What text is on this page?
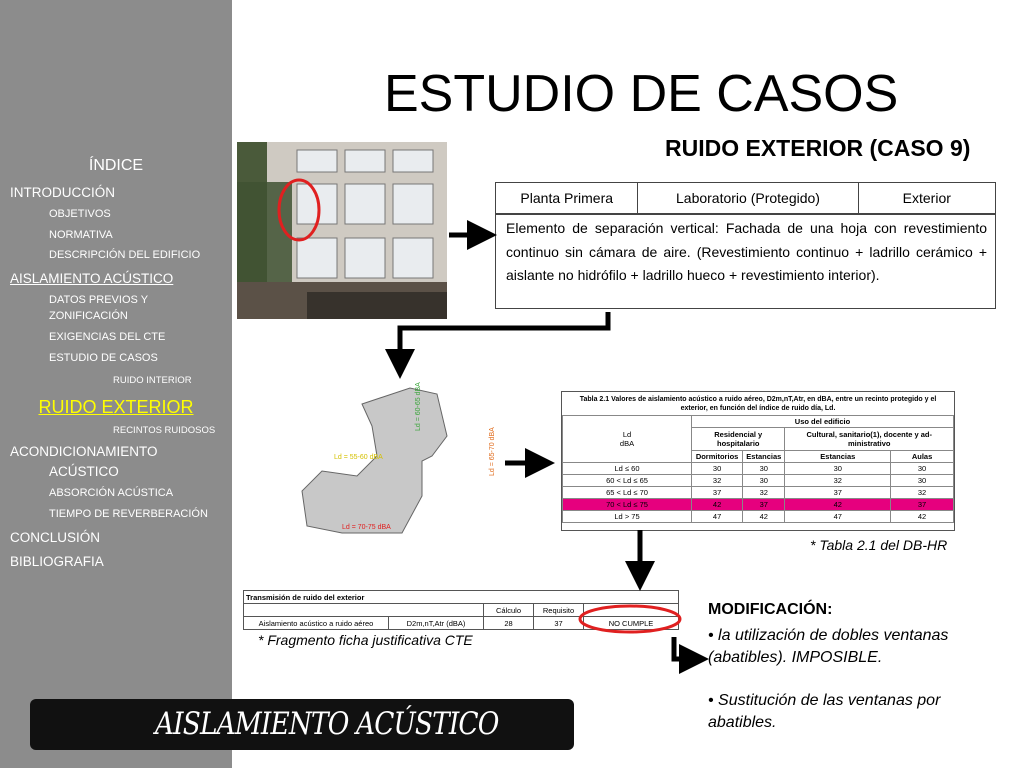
ÍNDICE
INTRODUCCIÓN
OBJETIVOS
NORMATIVA
DESCRIPCIÓN DEL EDIFICIO
AISLAMIENTO ACÚSTICO
DATOS PREVIOS Y
ZONIFICACIÓN
EXIGENCIAS DEL CTE
ESTUDIO DE CASOS
RUIDO INTERIOR
RUIDO EXTERIOR
RECINTOS RUIDOSOS
ACONDICIONAMIENTO
ACÚSTICO
ABSORCIÓN ACÚSTICA
TIEMPO DE REVERBERACIÓN
CONCLUSIÓN
BIBLIOGRAFIA
AISLAMIENTO ACÚSTICO
ESTUDIO DE CASOS
RUIDO EXTERIOR (CASO 9)
Planta Primera	Laboratorio (Protegido)	Exterior
Elemento de separación vertical: Fachada de una hoja con revestimiento continuo sin cámara de aire. (Revestimiento continuo + ladrillo cerámico + aislante no hidrófilo + ladrillo hueco + revestimiento interior).
Ld = 60-65 dBA
Ld = 55-60 dBA	Ld = 65-70 dBA
Ld = 70-75 dBA
Tabla 2.1 Valores de aislamiento acústico a ruido aéreo, D2m,nT,Atr, en dBA, entre un recinto protegido y el
exterior, en función del índice de ruido día, Ld.
Ld
dBA	Uso del edificio			
	Residencial y hospitalario		Cultural, sanitario(1), docente y ad-ministrativo	
	Dormitorios	Estancias	Estancias	Aulas
Ld ≤ 60	30	30	30	30
60 < Ld ≤ 65	32	30	32	30
65 < Ld ≤ 70	37	32	37	32
70 < Ld ≤ 75	42	37	42	37
Ld > 75	47	42	47	42
* Tabla 2.1 del DB-HR
Transmisión de ruido del exterior				
		Cálculo	Requisito	
Aislamiento acústico a ruido aéreo	D2m,nT,Atr (dBA)	28	37	NO CUMPLE
* Fragmento ficha justificativa CTE
MODIFICACIÓN:
• la utilización de dobles ventanas (abatibles). IMPOSIBLE.
• Sustitución de las ventanas por abatibles.
